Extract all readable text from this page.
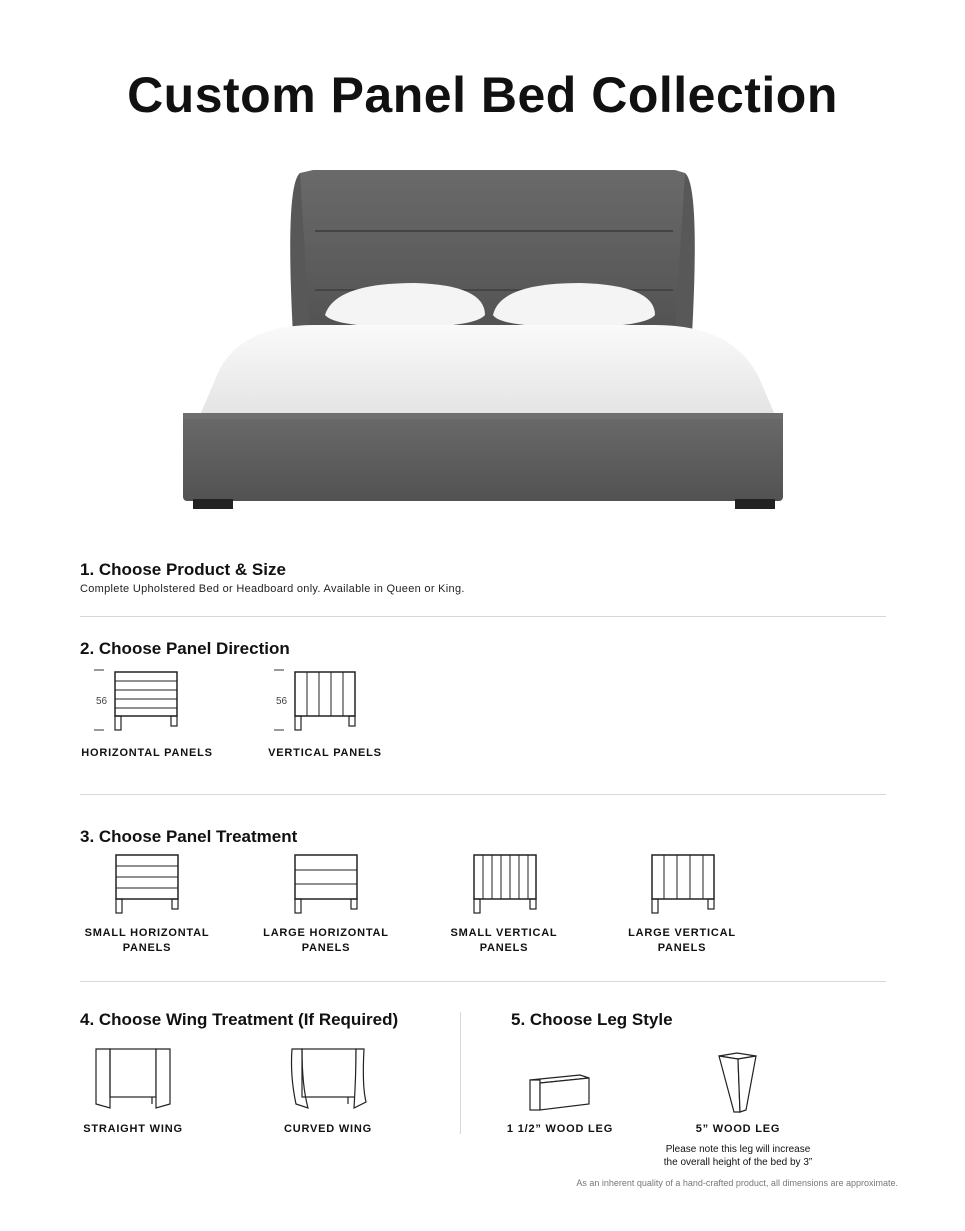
Custom Panel Bed Collection
1. Choose Product & Size
Complete Upholstered Bed or Headboard only. Available in Queen or King.
2. Choose Panel Direction
56
HORIZONTAL PANELS
56
VERTICAL PANELS
3. Choose Panel Treatment
SMALL HORIZONTAL PANELS
LARGE HORIZONTAL PANELS
SMALL VERTICAL PANELS
LARGE VERTICAL PANELS
4. Choose Wing Treatment (If Required)
STRAIGHT WING	CURVED WING
5. Choose Leg Style
1 1/2” WOOD LEG	5” WOOD LEG
Please note this leg will increase
the overall height of the bed by 3”
As an inherent quality of a hand-crafted product, all dimensions are approximate.
